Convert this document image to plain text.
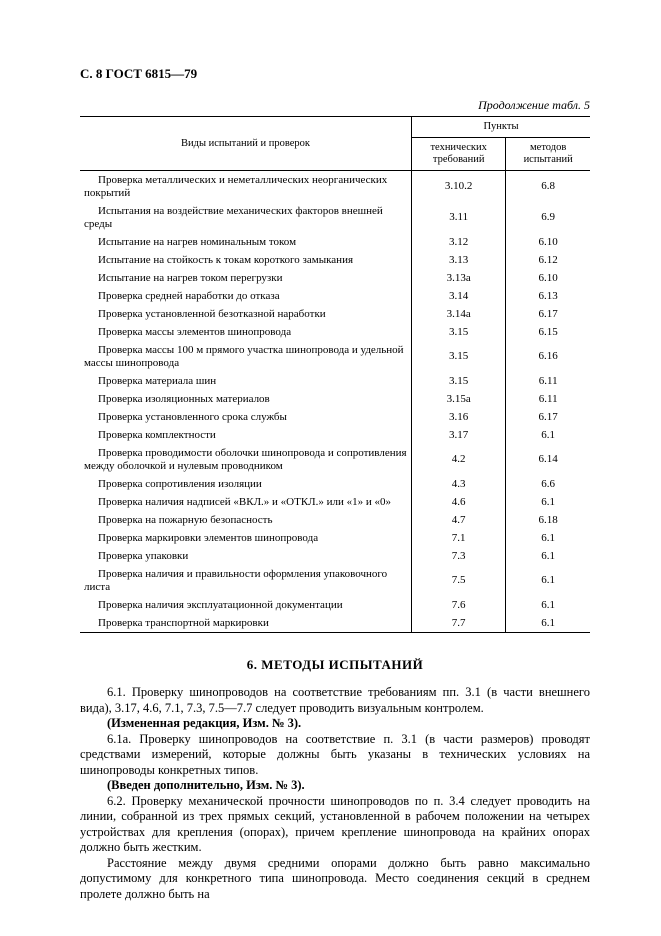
С. 8 ГОСТ 6815—79
Продолжение табл. 5
Виды испытаний и проверок	Пункты	
	технических требований	методов испытаний
Проверка металлических и неметаллических неорганических покрытий	3.10.2	6.8
Испытания на воздействие механических факторов внешней среды	3.11	6.9
Испытание на нагрев номинальным током	3.12	6.10
Испытание на стойкость к токам короткого замыкания	3.13	6.12
Испытание на нагрев током перегрузки	3.13а	6.10
Проверка средней наработки до отказа	3.14	6.13
Проверка установленной безотказной наработки	3.14а	6.17
Проверка массы элементов шинопровода	3.15	6.15
Проверка массы 100 м прямого участка шинопровода и удельной массы шинопровода	3.15	6.16
Проверка материала шин	3.15	6.11
Проверка изоляционных материалов	3.15а	6.11
Проверка установленного срока службы	3.16	6.17
Проверка комплектности	3.17	6.1
Проверка проводимости оболочки шинопровода и сопротивления между оболочкой и нулевым проводником	4.2	6.14
Проверка сопротивления изоляции	4.3	6.6
Проверка наличия надписей «ВКЛ.» и «ОТКЛ.» или «1» и «0»	4.6	6.1
Проверка на пожарную безопасность	4.7	6.18
Проверка маркировки элементов шинопровода	7.1	6.1
Проверка упаковки	7.3	6.1
Проверка наличия и правильности оформления упаковочного листа	7.5	6.1
Проверка наличия эксплуатационной документации	7.6	6.1
Проверка транспортной маркировки	7.7	6.1
6. МЕТОДЫ ИСПЫТАНИЙ

6.1. Проверку шинопроводов на соответствие требованиям пп. 3.1 (в части внешнего вида), 3.17, 4.6, 7.1, 7.3, 7.5—7.7 следует проводить визуальным контролем.

(Измененная редакция, Изм. № 3).

6.1а. Проверку шинопроводов на соответствие п. 3.1 (в части размеров) проводят средствами измерений, которые должны быть указаны в технических условиях на шинопроводы конкретных типов.

(Введен дополнительно, Изм. № 3).

6.2. Проверку механической прочности шинопроводов по п. 3.4 следует проводить на линии, собранной из трех прямых секций, установленной в рабочем положении на четырех устройствах для крепления (опорах), причем крепление шинопровода на крайних опорах должно быть жестким.

Расстояние между двумя средними опорами должно быть равно максимально допустимому для конкретного типа шинопровода. Место соединения секций в среднем пролете должно быть на
